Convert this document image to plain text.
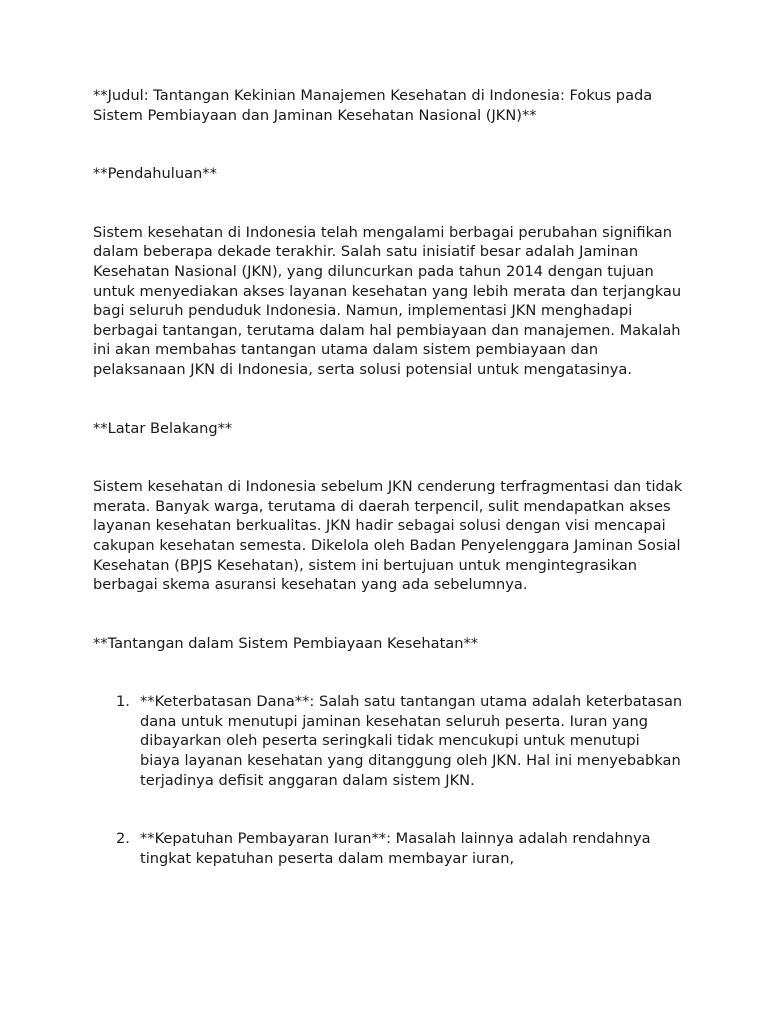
**Judul: Tantangan Kekinian Manajemen Kesehatan di Indonesia: Fokus pada Sistem Pembiayaan dan Jaminan Kesehatan Nasional (JKN)**

**Pendahuluan**

Sistem kesehatan di Indonesia telah mengalami berbagai perubahan signifikan dalam beberapa dekade terakhir. Salah satu inisiatif besar adalah Jaminan Kesehatan Nasional (JKN), yang diluncurkan pada tahun 2014 dengan tujuan untuk menyediakan akses layanan kesehatan yang lebih merata dan terjangkau bagi seluruh penduduk Indonesia. Namun, implementasi JKN menghadapi berbagai tantangan, terutama dalam hal pembiayaan dan manajemen. Makalah ini akan membahas tantangan utama dalam sistem pembiayaan dan pelaksanaan JKN di Indonesia, serta solusi potensial untuk mengatasinya.

**Latar Belakang**

Sistem kesehatan di Indonesia sebelum JKN cenderung terfragmentasi dan tidak merata. Banyak warga, terutama di daerah terpencil, sulit mendapatkan akses layanan kesehatan berkualitas. JKN hadir sebagai solusi dengan visi mencapai cakupan kesehatan semesta. Dikelola oleh Badan Penyelenggara Jaminan Sosial Kesehatan (BPJS Kesehatan), sistem ini bertujuan untuk mengintegrasikan berbagai skema asuransi kesehatan yang ada sebelumnya.

**Tantangan dalam Sistem Pembiayaan Kesehatan**

1. **Keterbatasan Dana**: Salah satu tantangan utama adalah keterbatasan dana untuk menutupi jaminan kesehatan seluruh peserta. Iuran yang dibayarkan oleh peserta seringkali tidak mencukupi untuk menutupi biaya layanan kesehatan yang ditanggung oleh JKN. Hal ini menyebabkan terjadinya defisit anggaran dalam sistem JKN.
2. **Kepatuhan Pembayaran Iuran**: Masalah lainnya adalah rendahnya tingkat kepatuhan peserta dalam membayar iuran,
